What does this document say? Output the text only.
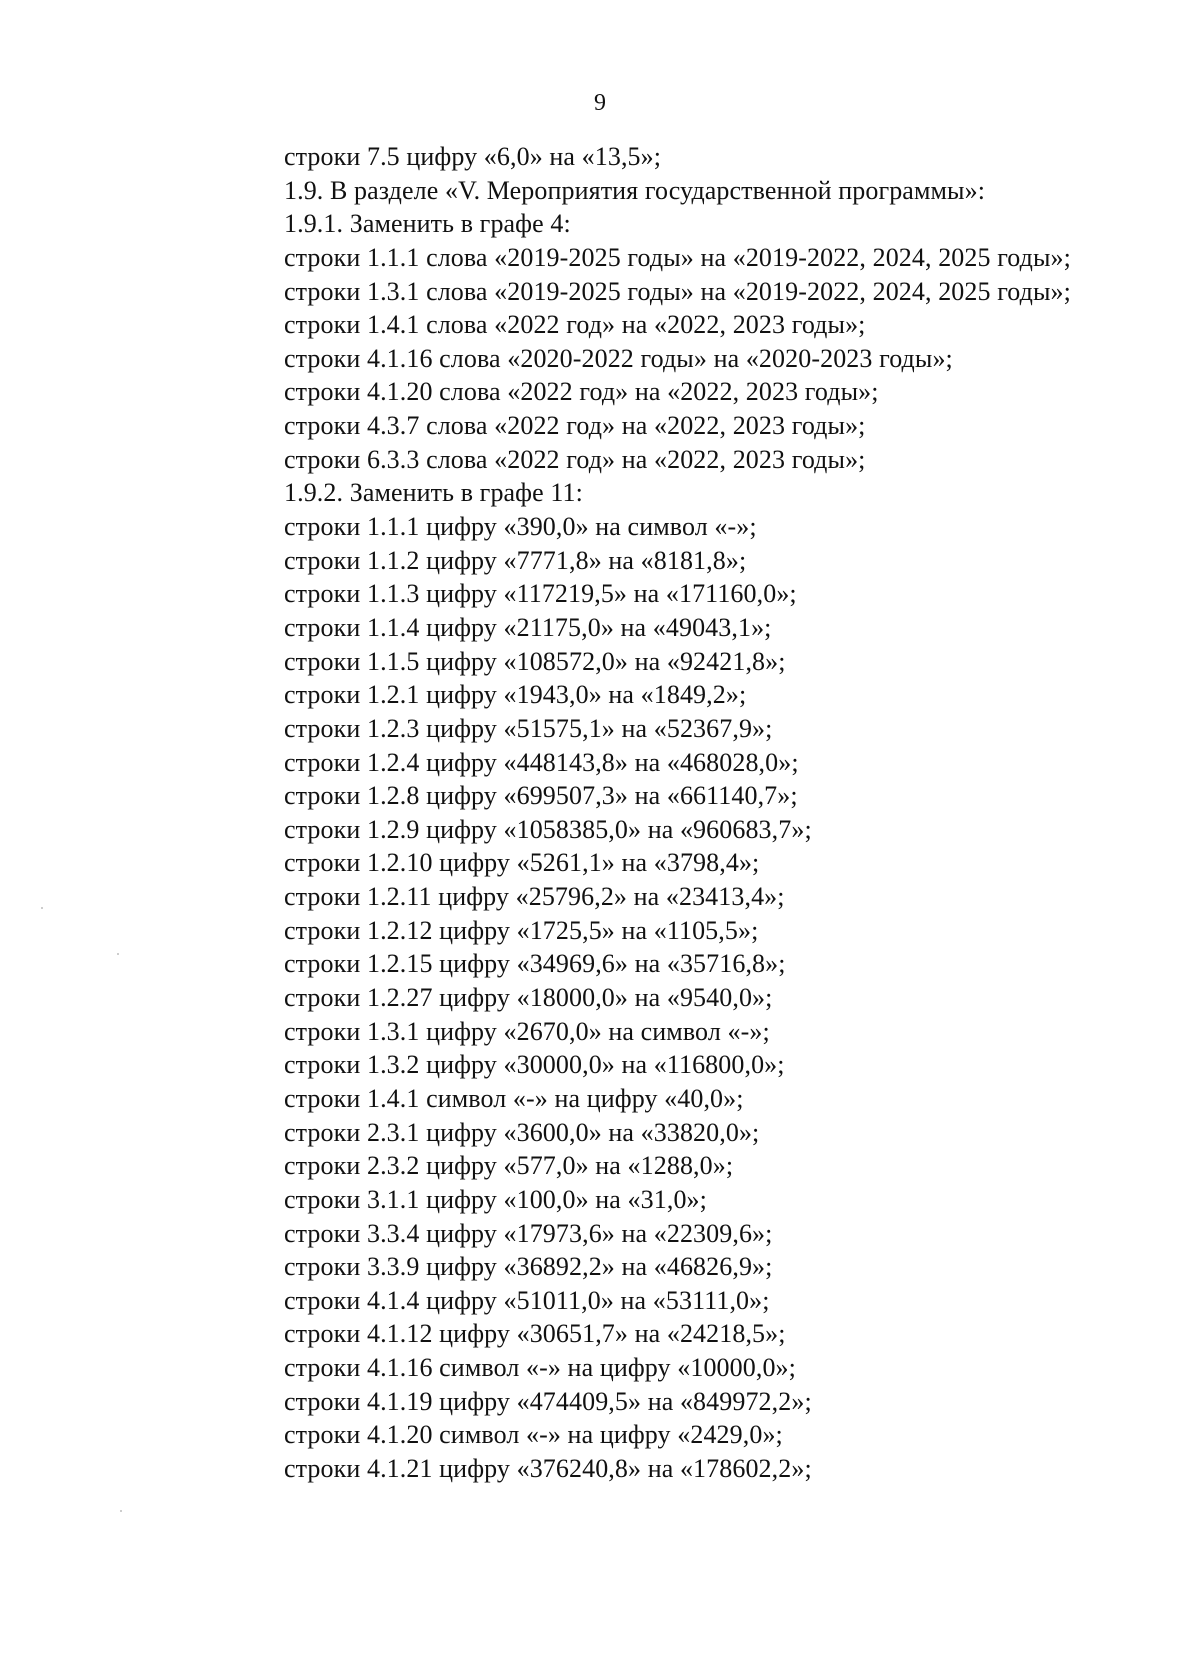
9
строки 7.5 цифру «6,0» на «13,5»;
1.9. В разделе «V. Мероприятия государственной программы»:
1.9.1. Заменить в графе 4:
строки 1.1.1 слова «2019-2025 годы» на «2019-2022, 2024, 2025 годы»;
строки 1.3.1 слова «2019-2025 годы» на «2019-2022, 2024, 2025 годы»;
строки 1.4.1 слова «2022 год» на «2022, 2023 годы»;
строки 4.1.16 слова «2020-2022 годы» на «2020-2023 годы»;
строки 4.1.20 слова «2022 год» на «2022, 2023 годы»;
строки 4.3.7 слова «2022 год» на «2022, 2023 годы»;
строки 6.3.3 слова «2022 год» на «2022, 2023 годы»;
1.9.2. Заменить в графе 11:
строки 1.1.1 цифру «390,0» на символ «-»;
строки 1.1.2 цифру «7771,8» на «8181,8»;
строки 1.1.3 цифру «117219,5» на «171160,0»;
строки 1.1.4 цифру «21175,0» на «49043,1»;
строки 1.1.5 цифру «108572,0» на «92421,8»;
строки 1.2.1 цифру «1943,0» на «1849,2»;
строки 1.2.3 цифру «51575,1» на «52367,9»;
строки 1.2.4 цифру «448143,8» на «468028,0»;
строки 1.2.8 цифру «699507,3» на «661140,7»;
строки 1.2.9 цифру «1058385,0» на «960683,7»;
строки 1.2.10 цифру «5261,1» на «3798,4»;
строки 1.2.11 цифру «25796,2» на «23413,4»;
строки 1.2.12 цифру «1725,5» на «1105,5»;
строки 1.2.15 цифру «34969,6» на «35716,8»;
строки 1.2.27 цифру «18000,0» на «9540,0»;
строки 1.3.1 цифру «2670,0» на символ «-»;
строки 1.3.2 цифру «30000,0» на «116800,0»;
строки 1.4.1 символ «-» на цифру «40,0»;
строки 2.3.1 цифру «3600,0» на «33820,0»;
строки 2.3.2 цифру «577,0» на «1288,0»;
строки 3.1.1 цифру «100,0» на «31,0»;
строки 3.3.4 цифру «17973,6» на «22309,6»;
строки 3.3.9 цифру «36892,2» на «46826,9»;
строки 4.1.4 цифру «51011,0» на «53111,0»;
строки 4.1.12 цифру «30651,7» на «24218,5»;
строки 4.1.16 символ «-» на цифру «10000,0»;
строки 4.1.19 цифру «474409,5» на «849972,2»;
строки 4.1.20 символ «-» на цифру «2429,0»;
строки 4.1.21 цифру «376240,8» на «178602,2»;
